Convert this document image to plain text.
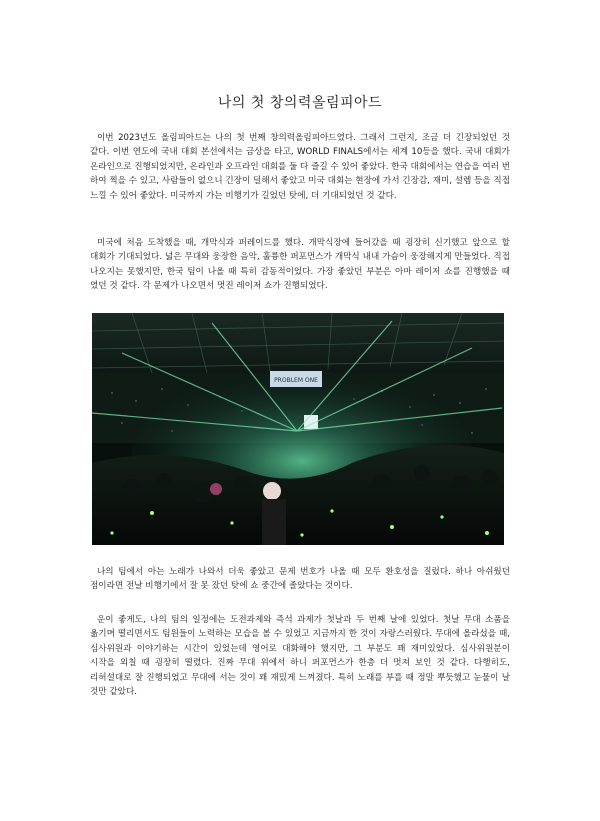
나의 첫 창의력올림피아드

이번 2023년도 올림피아드는 나의 첫 번째 창의력올림피아드였다. 그래서 그런지, 조금 더 긴장되었던 것 같다. 이번 연도에 국내 대회 본선에서는 금상을 타고, WORLD FINALS에서는 세계 10등을 했다. 국내 대회가 온라인으로 진행되었지만, 온라인과 오프라인 대회를 둘 다 즐길 수 있어 좋았다. 한국 대회에서는 연습을 여러 번 하여 찍을 수 있고, 사람들이 없으니 긴장이 덜해서 좋았고 미국 대회는 현장에 가서 긴장감, 재미, 설렘 등을 직접 느낄 수 있어 좋았다. 미국까지 가는 비행기가 길었던 탓에, 더 기대되었던 것 같다.

미국에 처음 도착했을 때, 개막식과 퍼레이드를 했다. 개막식장에 들어갔을 때 굉장히 신기했고 앞으로 할 대회가 기대되었다. 넓은 무대와 웅장한 음악, 훌륭한 퍼포먼스가 개막식 내내 가슴이 웅장해지게 만들었다. 직접 나오지는 못했지만, 한국 팀이 나올 때 특히 감동적이었다. 가장 좋았던 부분은 아마 레이저 쇼를 진행했을 때 였던 것 같다. 각 문제가 나오면서 멋진 레이저 쇼가 진행되었다.

PROBLEM ONE

나의 팀에서 아는 노래가 나와서 더욱 좋았고 문제 번호가 나올 때 모두 환호성을 질렀다. 하나 아쉬웠던 점이라면 전날 비행기에서 잘 못 잤던 탓에 쇼 중간에 졸았다는 것이다.

운이 좋게도, 나의 팀의 일정에는 도전과제와 즉석 과제가 첫날과 두 번째 날에 있었다. 첫날 무대 소품을 옮기며 떨리면서도 팀원들이 노력하는 모습을 볼 수 있었고 지금까지 한 것이 자랑스러웠다. 무대에 올라섰을 때, 심사위원과 이야기하는 시간이 있었는데 영어로 대화해야 했지만, 그 부분도 꽤 재미있었다. 심사위원분이 시작을 외칠 때 굉장히 떨렸다. 진짜 무대 위에서 하니 퍼포먼스가 한층 더 멋져 보인 것 같다. 다행히도, 리허설대로 잘 진행되었고 무대에 서는 것이 꽤 재밌게 느껴졌다. 특히 노래를 부를 때 정말 뿌듯했고 눈물이 날 것만 같았다.
